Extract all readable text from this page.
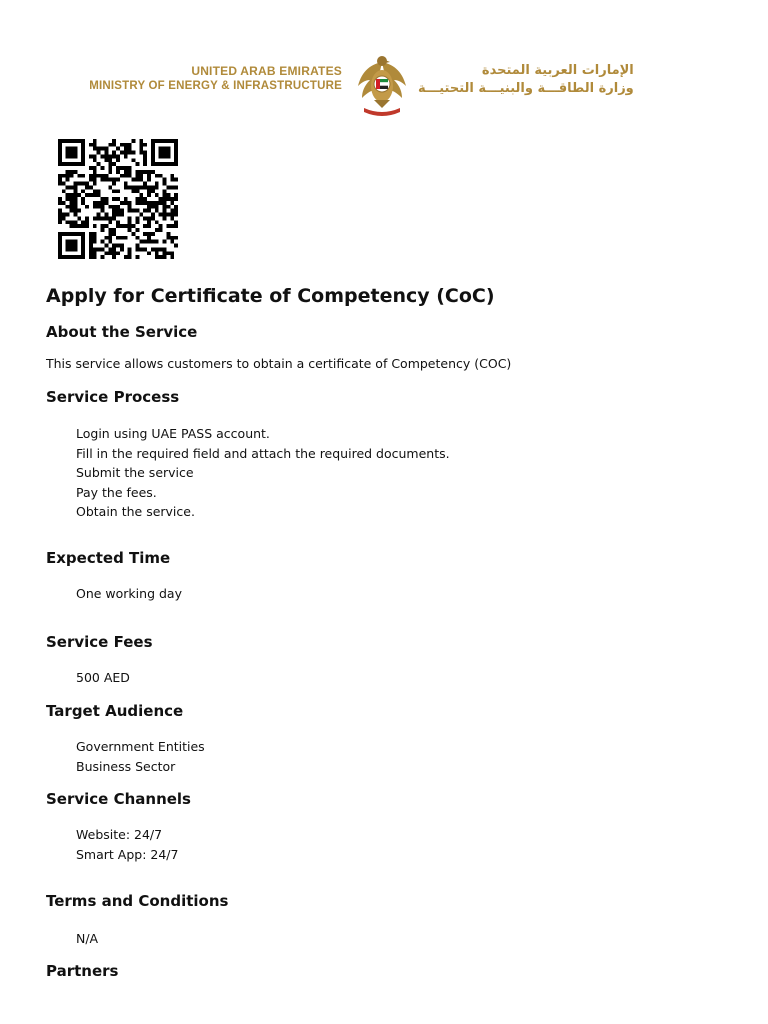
UNITED ARAB EMIRATES
MINISTRY OF ENERGY & INFRASTRUCTURE
الإمارات العربية المتحدة
وزارة الطاقـــة والبنيـــة التحتيـــة
Apply for Certificate of Competency (CoC)
About the Service

This service allows customers to obtain a certificate of Competency (COC)

Service Process

Login using UAE PASS account.

Fill in the required field and attach the required documents.

Submit the service

Pay the fees.

Obtain the service.

Expected Time

One working day

Service Fees

500 AED

Target Audience

Government Entities

Business Sector

Service Channels

Website: 24/7

Smart App: 24/7

Terms and Conditions

N/A

Partners
